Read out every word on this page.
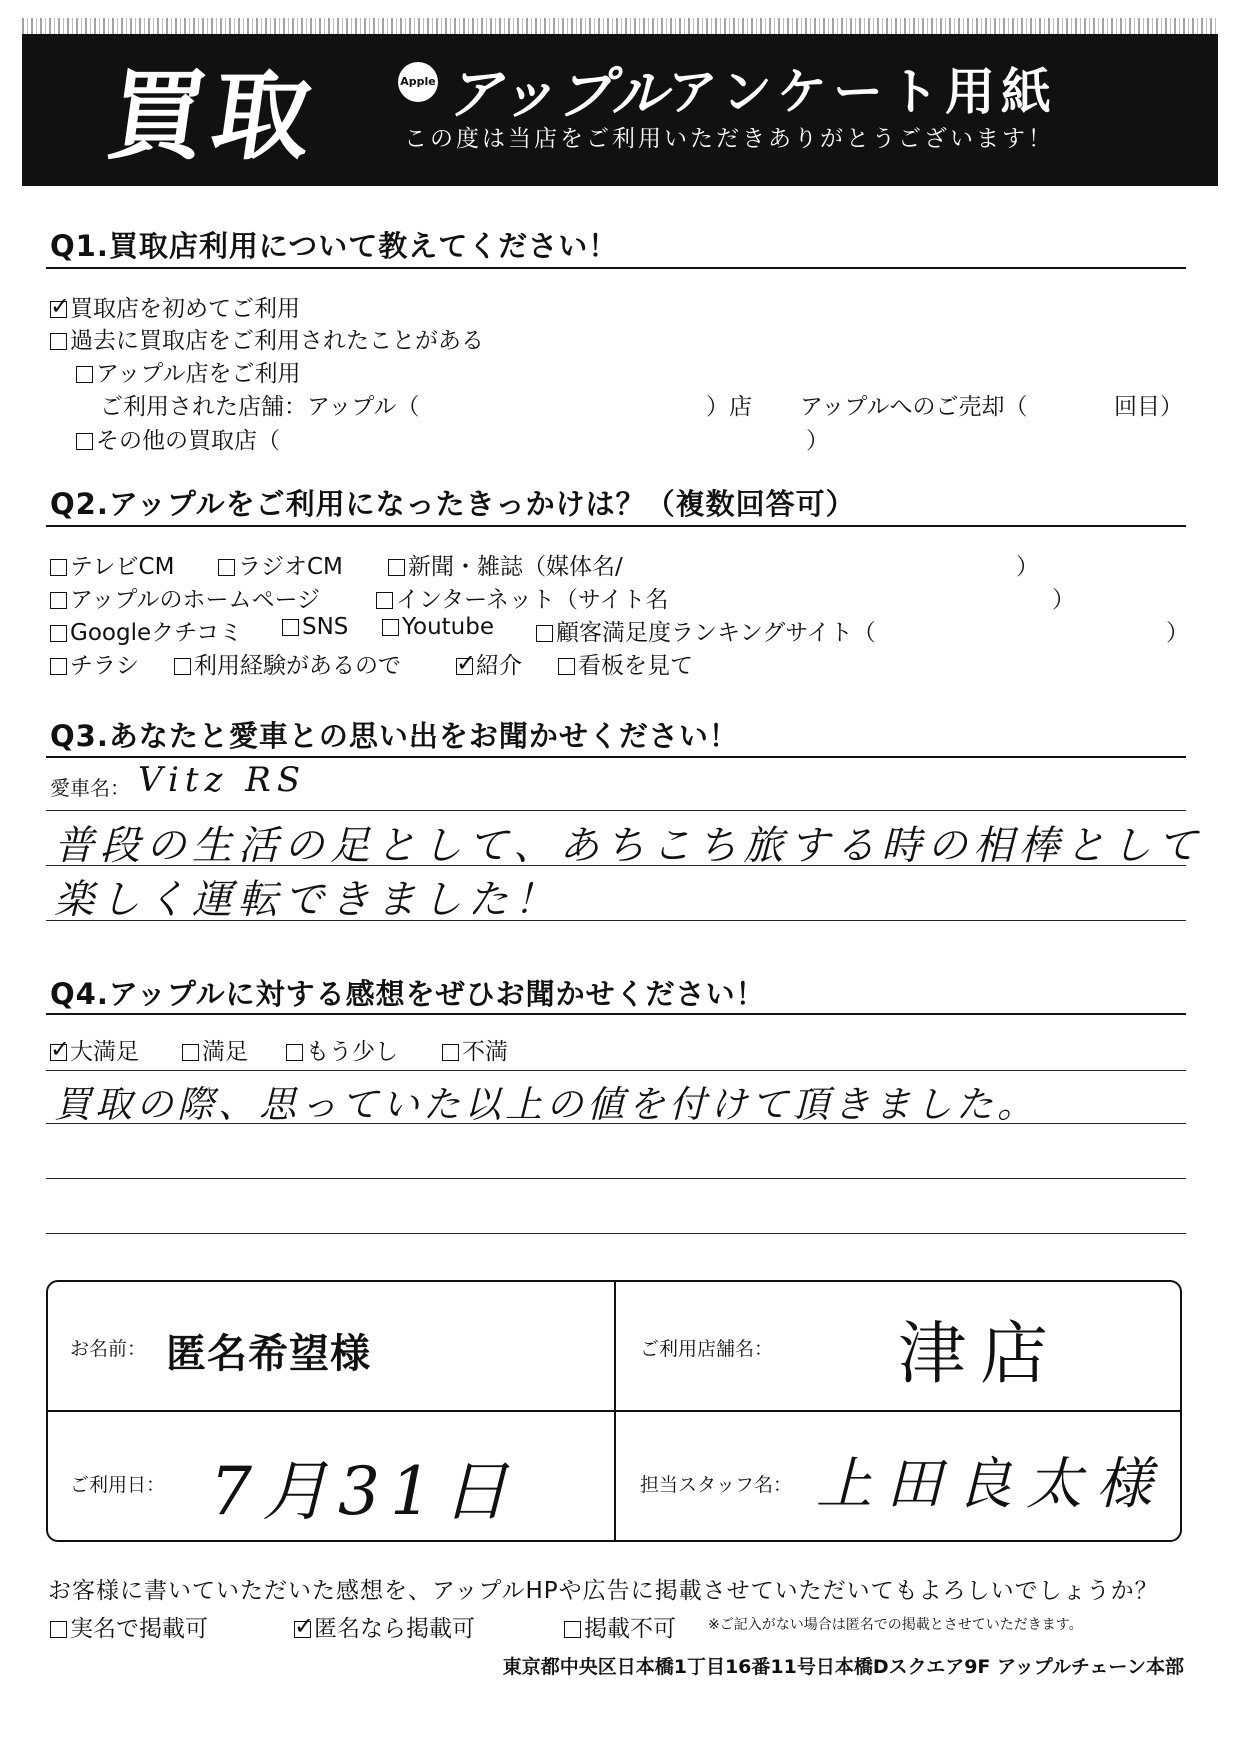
買取	Apple アップル アンケート用紙
この度は当店をご利用いただきありがとうございます！
Q1.買取店利用について教えてください！
✓買取店を初めてご利用
過去に買取店をご利用されたことがある
アップル店をご利用
ご利用された店舗：アップル（	）店 アップルへのご売却（	回目）
その他の買取店（	）
Q2.アップルをご利用になったきっかけは？（複数回答可）
テレビCM	ラジオCM	新聞・雑誌（媒体名/	）
アップルのホームページ	インターネット（サイト名	）
Googleクチコミ	SNS	Youtube	顧客満足度ランキングサイト（	）
チラシ	利用経験があるので ✓	紹介	看板を見て
Q3.あなたと愛車との思い出をお聞かせください！
愛車名： Vitz RS
普段の生活の足として、あちこち旅する時の相棒として
楽しく運転できました！
Q4.アップルに対する感想をぜひお聞かせください！
✓大満足	満足	もう少し	不満
買取の際、思っていた以上の値を付けて頂きました。
お名前： 匿名希望様	ご利用店舗名： 津店
ご利用日： 7月31日	担当スタッフ名： 上田良太様
お客様に書いていただいた感想を、アップルHPや広告に掲載させていただいてもよろしいでしょうか？
実名で掲載可 ✓	匿名なら掲載可	掲載不可 ※ご記入がない場合は匿名での掲載とさせていただきます。
東京都中央区日本橋1丁目16番11号日本橋Dスクエア9F アップルチェーン本部
